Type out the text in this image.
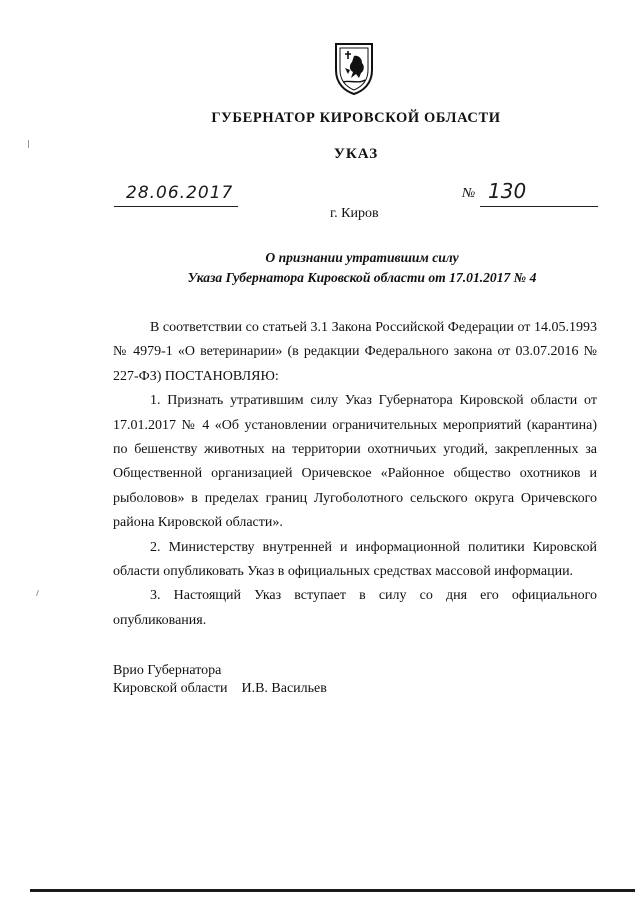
ГУБЕРНАТОР КИРОВСКОЙ ОБЛАСТИ
УКАЗ
28.06.2017	№ 130
г. Киров
О признании утратившим силу
Указа Губернатора Кировской области от 17.01.2017 № 4

В соответствии со статьей 3.1 Закона Российской Федерации от 14.05.1993 № 4979-1 «О ветеринарии» (в редакции Федерального закона от 03.07.2016 № 227-ФЗ) ПОСТАНОВЛЯЮ:

1. Признать утратившим силу Указ Губернатора Кировской области от 17.01.2017 № 4 «Об установлении ограничительных мероприятий (карантина) по бешенству животных на территории охотничьих угодий, закрепленных за Общественной организацией Оричевское «Районное общество охотников и рыболовов» в пределах границ Лугоболотного сельского округа Оричевского района Кировской области».

2. Министерству внутренней и информационной политики Кировской области опубликовать Указ в официальных средствах массовой информации.

3. Настоящий Указ вступает в силу со дня его официального опубликования.

Врио Губернатора
Кировской области И.В. Васильев
